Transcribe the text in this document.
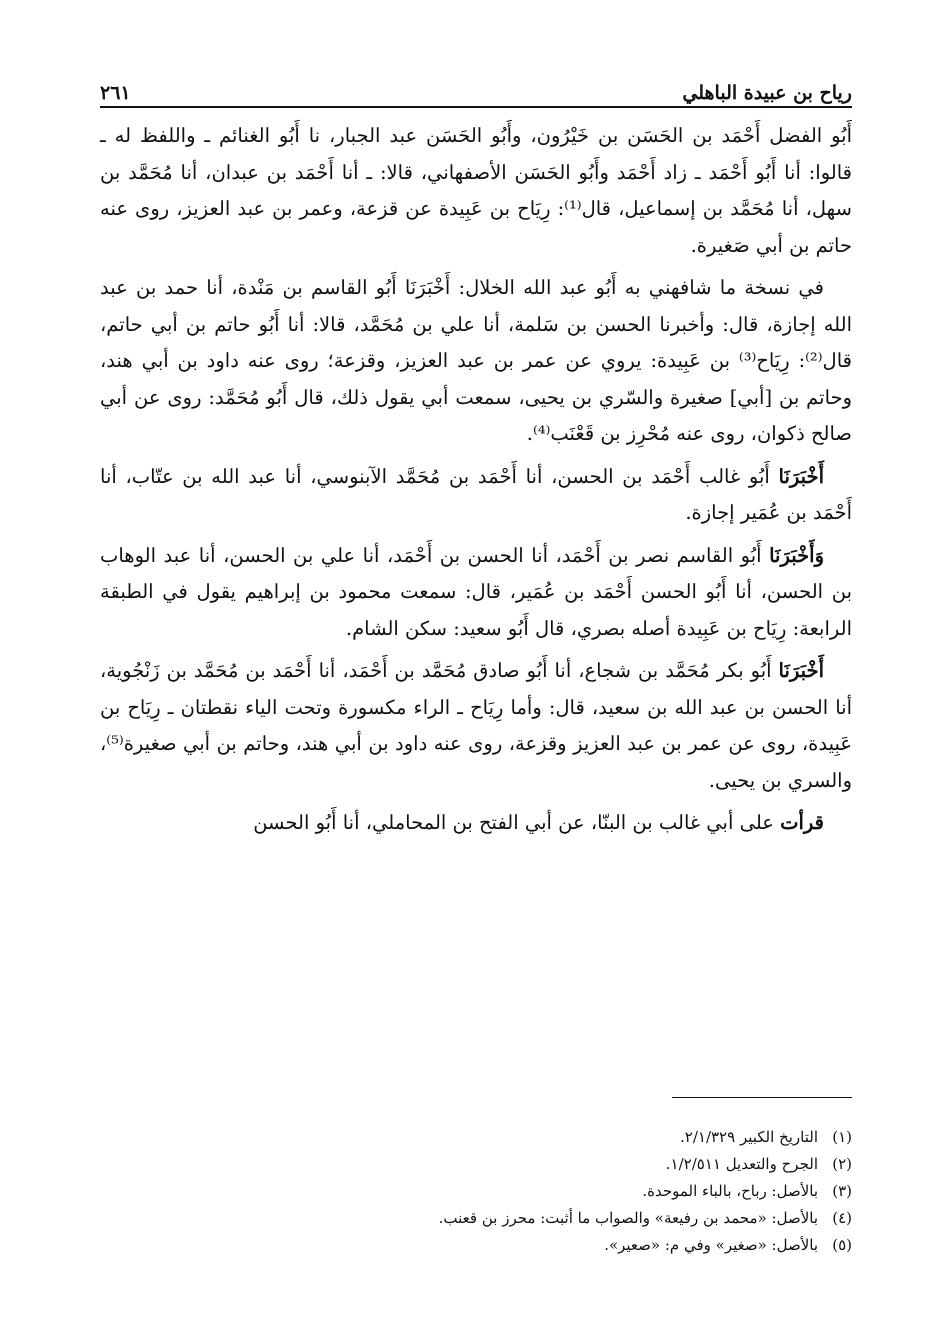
رياح بن عبيدة الباهلي
٢٦١

أَبُو الفضل أَحْمَد بن الحَسَن بن خَيْرُون، وأَبُو الحَسَن عبد الجبار، نا أَبُو الغنائم ـ واللفظ له ـ قالوا: أنا أَبُو أَحْمَد ـ زاد أَحْمَد وأَبُو الحَسَن الأصفهاني، قالا: ـ أنا أَحْمَد بن عبدان، أنا مُحَمَّد بن سهل، أنا مُحَمَّد بن إسماعيل، قال⁽¹⁾: رِيَاح بن عَبِيدة عن قزعة، وعمر بن عبد العزيز، روى عنه حاتم بن أبي صَغيرة.

في نسخة ما شافهني به أَبُو عبد الله الخلال: أَخْبَرَنَا أَبُو القاسم بن مَنْدة، أنا حمد بن عبد الله إجازة، قال: وأخبرنا الحسن بن سَلمة، أنا علي بن مُحَمَّد، قالا: أنا أَبُو حاتم بن أبي حاتم، قال⁽²⁾: رِيَاح⁽³⁾ بن عَبِيدة: يروي عن عمر بن عبد العزيز، وقزعة؛ روى عنه داود بن أبي هند، وحاتم بن [أبي] صغيرة والسّري بن يحيى، سمعت أبي يقول ذلك، قال أَبُو مُحَمَّد: روى عن أبي صالح ذكوان، روى عنه مُحْرِز بن قَعْنَب⁽⁴⁾.

أَخْبَرَنَا أَبُو غالب أَحْمَد بن الحسن، أنا أَحْمَد بن مُحَمَّد الآبنوسي، أنا عبد الله بن عتّاب، أنا أَحْمَد بن عُمَير إجازة.

وَأَخْبَرَنَا أَبُو القاسم نصر بن أَحْمَد، أنا الحسن بن أَحْمَد، أنا علي بن الحسن، أنا عبد الوهاب بن الحسن، أنا أَبُو الحسن أَحْمَد بن عُمَير، قال: سمعت محمود بن إبراهيم يقول في الطبقة الرابعة: رِيَاح بن عَبِيدة أصله بصري، قال أَبُو سعيد: سكن الشام.

أَخْبَرَنَا أَبُو بكر مُحَمَّد بن شجاع، أنا أَبُو صادق مُحَمَّد بن أَحْمَد، أنا أَحْمَد بن مُحَمَّد بن زَنْجُوية، أنا الحسن بن عبد الله بن سعيد، قال: وأما رِيَاح ـ الراء مكسورة وتحت الياء نقطتان ـ رِيَاح بن عَبِيدة، روى عن عمر بن عبد العزيز وقزعة، روى عنه داود بن أبي هند، وحاتم بن أبي صغيرة⁽⁵⁾، والسري بن يحيى.

قرأت على أبي غالب بن البنّا، عن أبي الفتح بن المحاملي، أنا أَبُو الحسن

(١)
التاريخ الكبير ٢/١/٣٢٩.
(٢)
الجرح والتعديل ١/٢/٥١١.
(٣)
بالأصل: رباح، بالباء الموحدة.
(٤)
بالأصل: «محمد بن رفيعة» والصواب ما أثبت: محرز بن قعنب.
(٥)
بالأصل: «صغير» وفي م: «صعير».
